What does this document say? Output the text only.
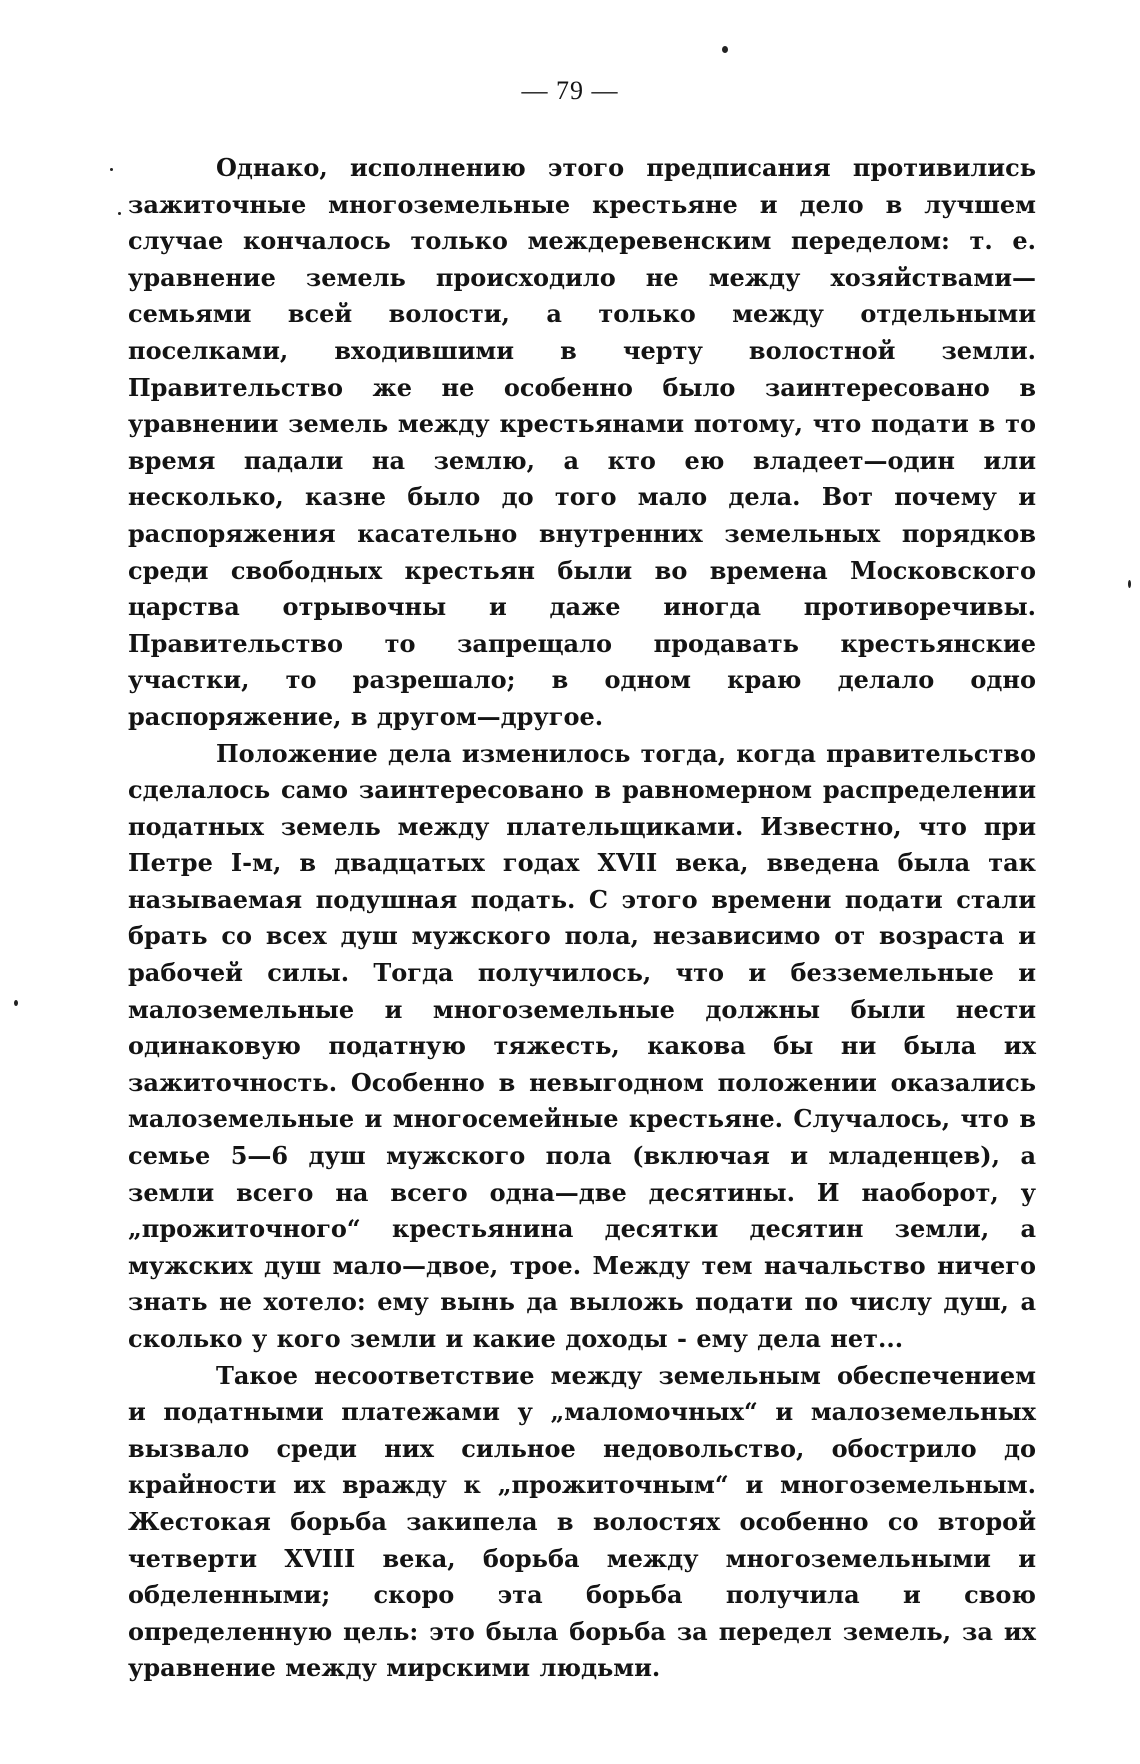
— 79 —

Однако, исполнению этого предписания противились зажиточные многоземельные крестьяне и дело в лучшем случае кончалось только междеревенским переделом: т. е. уравнение земель происходило не между хозяйствами—семьями всей волости, а только между отдельными поселками, входившими в черту волостной земли. Правительство же не особенно было заинтересовано в уравнении земель между крестьянами потому, что подати в то время падали на землю, а кто ею владеет—один или несколько, казне было до того мало дела. Вот почему и распоряжения касательно внутренних земельных порядков среди свободных крестьян были во времена Московского царства отрывочны и даже иногда противоречивы. Правительство то запрещало продавать крестьянские участки, то разрешало; в одном краю делало одно распоряжение, в другом—другое.

Положение дела изменилось тогда, когда правительство сделалось само заинтересовано в равномерном распределении податных земель между плательщиками. Известно, что при Петре I-м, в двадцатых годах XVII века, введена была так называемая подушная подать. С этого времени подати стали брать со всех душ мужского пола, независимо от возраста и рабочей силы. Тогда получилось, что и безземельные и малоземельные и многоземельные должны были нести одинаковую податную тяжесть, какова бы ни была их зажиточность. Особенно в невыгодном положении оказались малоземельные и многосемейные крестьяне. Случалось, что в семье 5—6 душ мужского пола (включая и младенцев), а земли всего на всего одна—две десятины. И наоборот, у „прожиточного“ крестьянина десятки десятин земли, а мужских душ мало—двое, трое. Между тем начальство ничего знать не хотело: ему вынь да выложь подати по числу душ, а сколько у кого земли и какие доходы - ему дела нет...

Такое несоответствие между земельным обеспечением и податными платежами у „маломочных“ и малоземельных вызвало среди них сильное недовольство, обострило до крайности их вражду к „прожиточным“ и многоземельным. Жестокая борьба закипела в волостях особенно со второй четверти XVIII века, борьба между многоземельными и обделенными; скоро эта борьба получила и свою определенную цель: это была борьба за передел земель, за их уравнение между мирскими людьми.
